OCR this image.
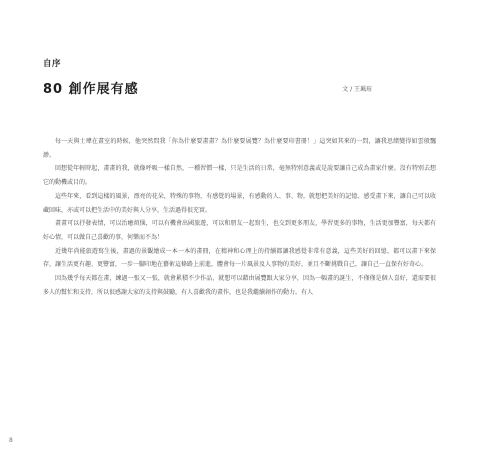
自序
80 創作展有感	文 / 王珮瑄

每一天與士瑋在畫室的時候，他突然問我「你為什麼要畫畫？為什麼要展覽？為什麼要印書冊！」這突如其來的一問，讓我思緒變得如雲般飄渺。

回想從年輕時起，畫畫的我，就像呼吸一樣自然，一種習慣一樣，只是生活的日常，毫無特別意義或是說要讓自己成為畫家什麼。沒有特別去想它的動機或目的。

這些年來，看到這樣的風景，漂亮的花朵，特殊的事物，有感覺的場景，有感動的人、事、物，就想把美好的記憶、感受畫下來，讓自己可以收藏回味，亦或可以把生活中的美好與人分享，生活過得很充實。

畫畫可以抒發表情，可以治癒煩惱，可以有機會出國旅遊，可以和朋友一起寫生，也交到更多朋友，學習更多的事物，生活更加豐富，每天都有好心情，可以做自己喜歡的事，何樂而不為！

近幾年尚能旅遊寫生後，畫過的景觀繪成一本一本的畫冊，在精神和心理上的持續都讓我感覺非常有意義，這些美好的回憶，都可以畫下來保存，讓生活更有趣、更豐富，一步一腳印地在藝術這條路上前進，體會每一片風景及人事物的美好，並且不斷挑戰自己，讓自己一直保有好奇心。

因為幾乎每天都在畫，練過一張又一張，就會累積不少作品，就想可以藉由展覽跟大家分享，因為一幅畫的誕生，不僅僅是個人喜好，還需要很多人的幫忙和支持，所以很感謝大家的支持與鼓勵，有人喜歡我的畫作，也是我繼續創作的動力。有人

8
